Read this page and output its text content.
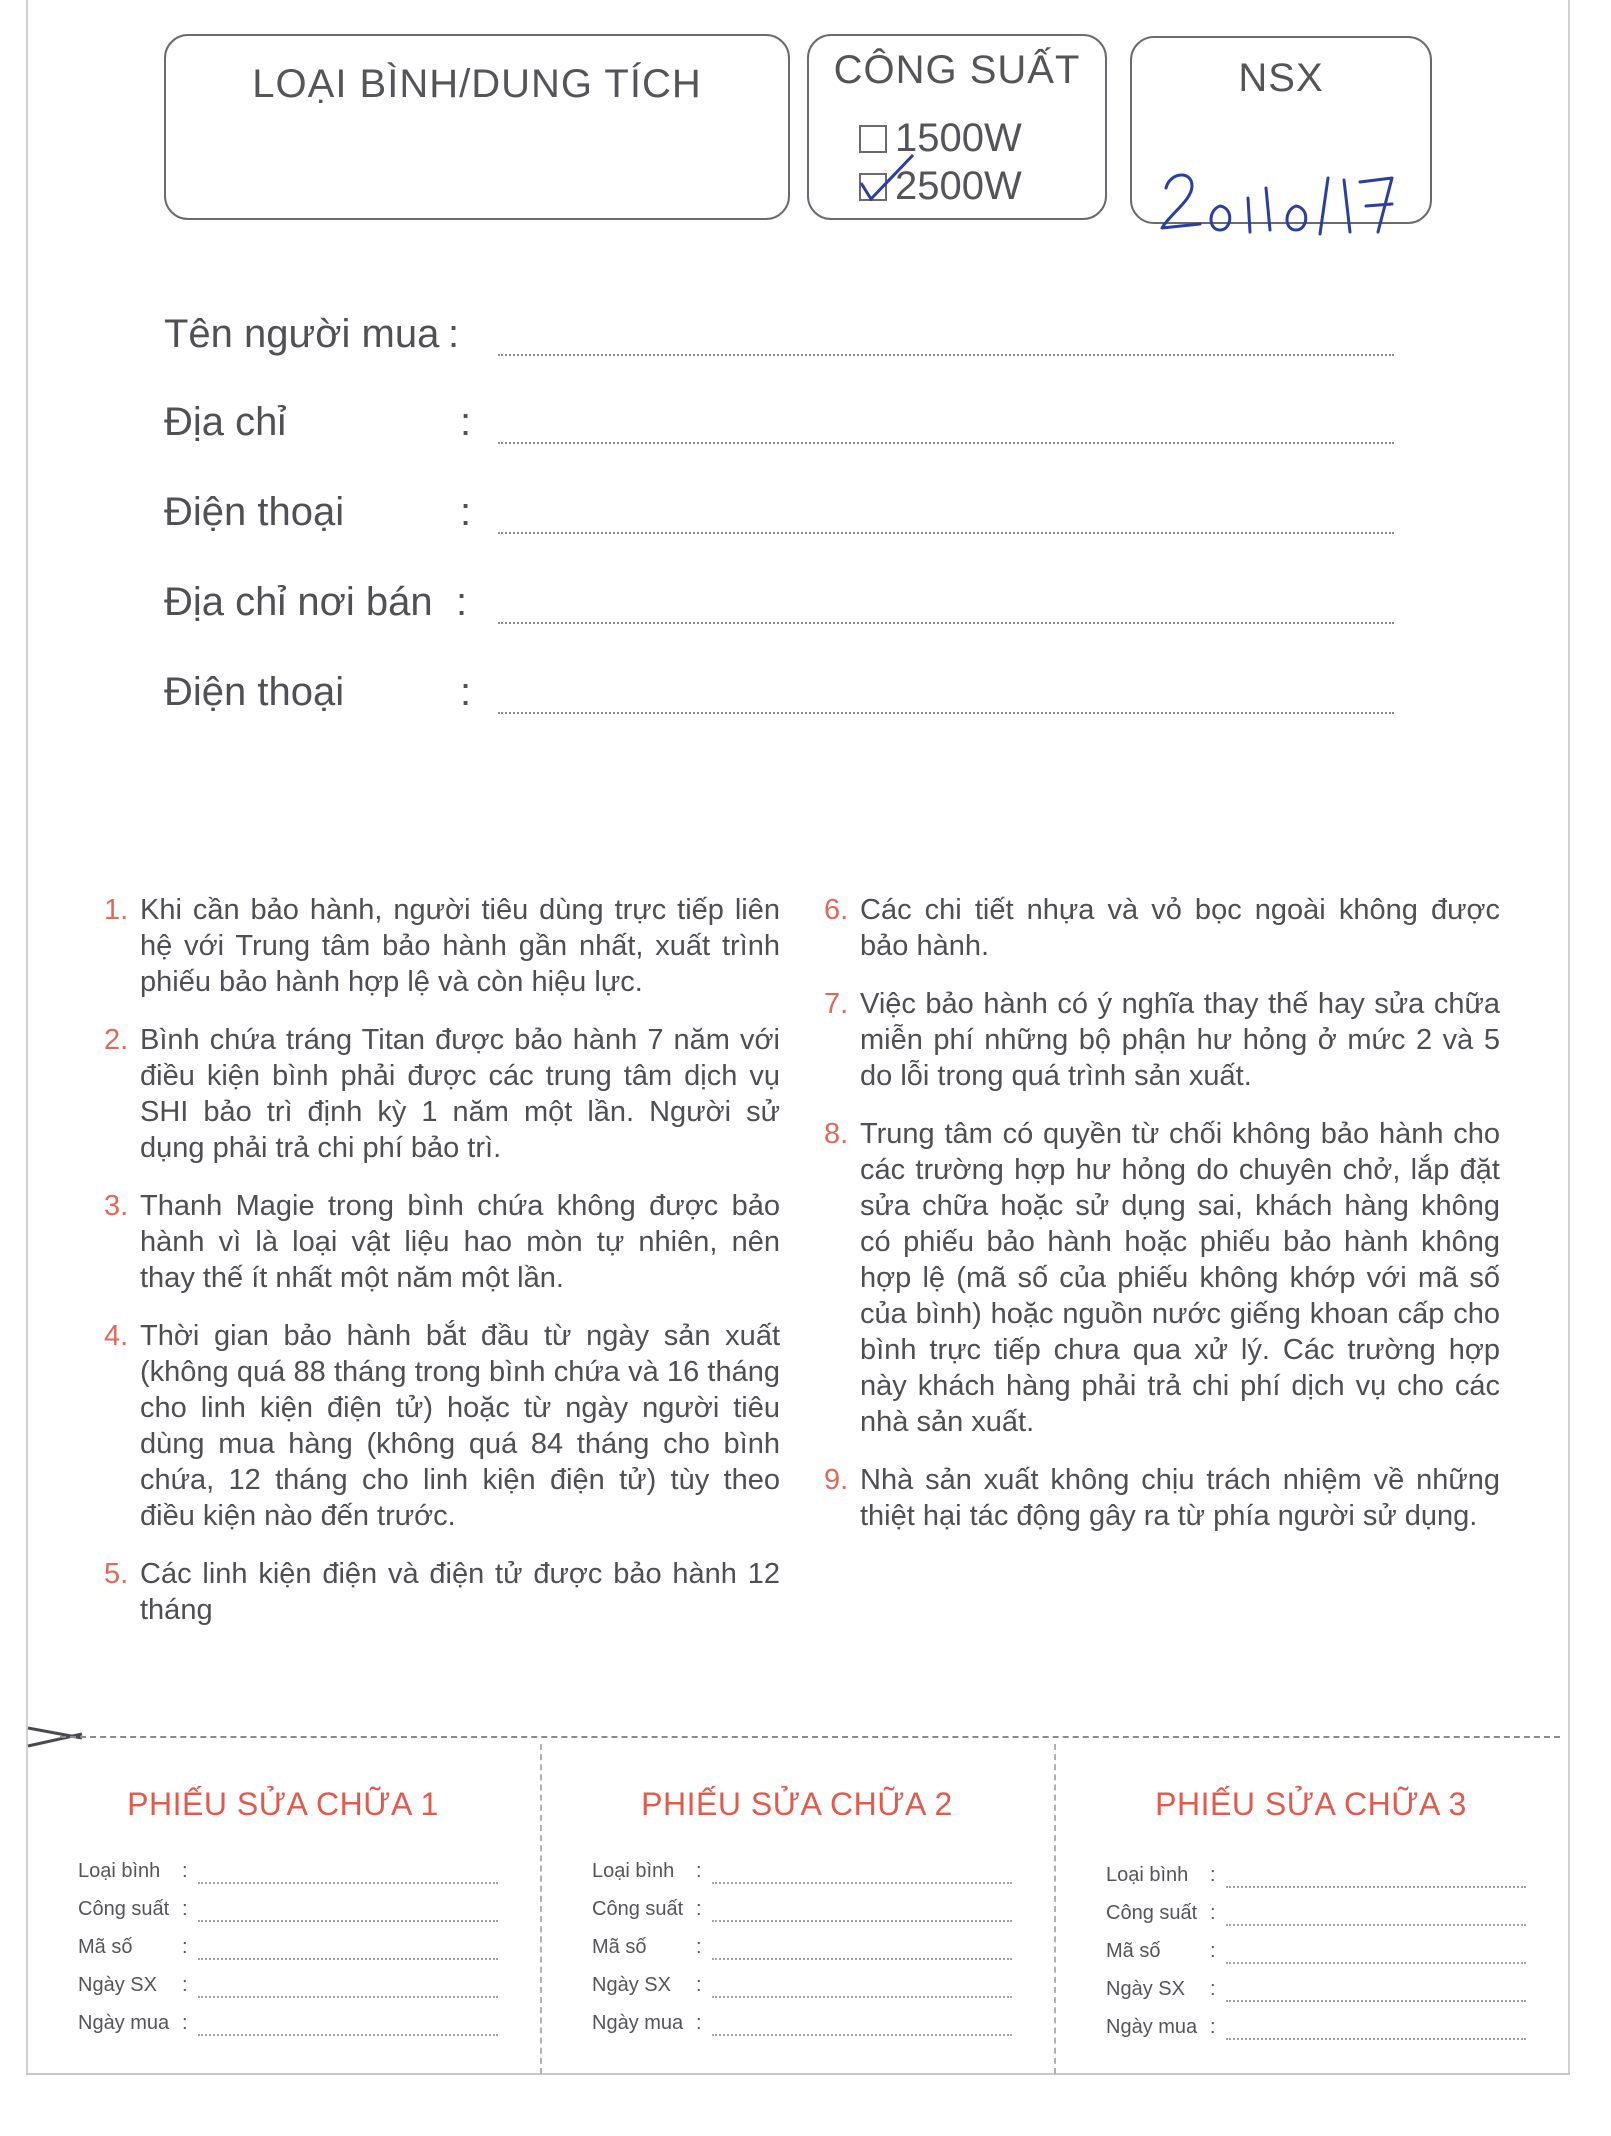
LOẠI BÌNH/DUNG TÍCH	CÔNG SUẤT
1500W
2500W
NSX
20110117
Tên người mua :
Địa chỉ	:
Điện thoại	:
Địa chỉ nơi bán :
Điện thoại	:
1. Khi cần bảo hành, người tiêu dùng trực tiếp liên hệ với Trung tâm bảo hành gần nhất, xuất trình phiếu bảo hành hợp lệ và còn hiệu lực.
2. Bình chứa tráng Titan được bảo hành 7 năm với điều kiện bình phải được các trung tâm dịch vụ SHI bảo trì định kỳ 1 năm một lần. Người sử dụng phải trả chi phí bảo trì.
3. Thanh Magie trong bình chứa không được bảo hành vì là loại vật liệu hao mòn tự nhiên, nên thay thế ít nhất một năm một lần.
4. Thời gian bảo hành bắt đầu từ ngày sản xuất (không quá 88 tháng trong bình chứa và 16 tháng cho linh kiện điện tử) hoặc từ ngày người tiêu dùng mua hàng (không quá 84 tháng cho bình chứa, 12 tháng cho linh kiện điện tử) tùy theo điều kiện nào đến trước.
5. Các linh kiện điện và điện tử được bảo hành 12 tháng
6. Các chi tiết nhựa và vỏ bọc ngoài không được bảo hành.
7. Việc bảo hành có ý nghĩa thay thế hay sửa chữa miễn phí những bộ phận hư hỏng ở mức 2 và 5 do lỗi trong quá trình sản xuất.
8. Trung tâm có quyền từ chối không bảo hành cho các trường hợp hư hỏng do chuyên chở, lắp đặt sửa chữa hoặc sử dụng sai, khách hàng không có phiếu bảo hành hoặc phiếu bảo hành không hợp lệ (mã số của phiếu không khớp với mã số của bình) hoặc nguồn nước giếng khoan cấp cho bình trực tiếp chưa qua xử lý. Các trường hợp này khách hàng phải trả chi phí dịch vụ cho các nhà sản xuất.
9. Nhà sản xuất không chịu trách nhiệm về những thiệt hại tác động gây ra từ phía người sử dụng.
PHIẾU SỬA CHỮA 1
Loại bình :
Công suất :
Mã số :
Ngày SX :
Ngày mua :
PHIẾU SỬA CHỮA 2
Loại bình :
Công suất :
Mã số :
Ngày SX :
Ngày mua :
PHIẾU SỬA CHỮA 3
Loại bình :
Công suất :
Mã số :
Ngày SX :
Ngày mua :
